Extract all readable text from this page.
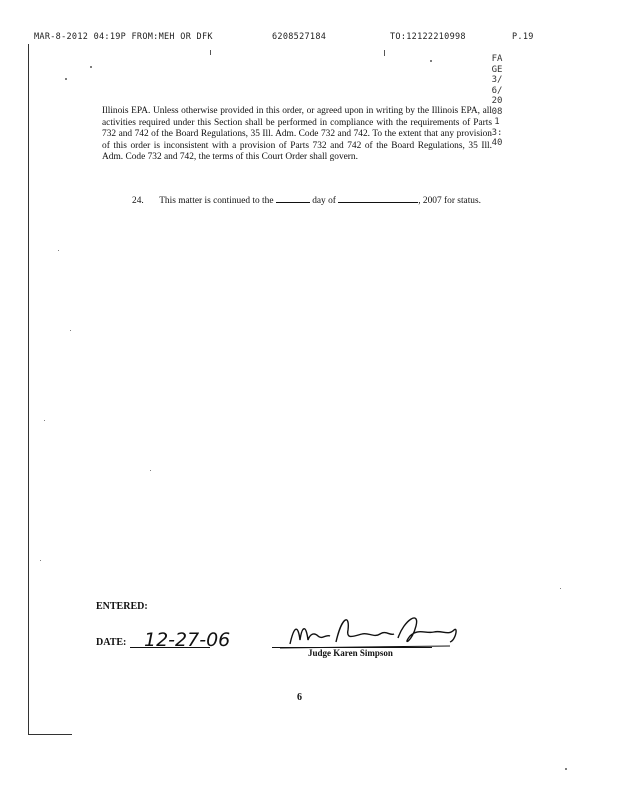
MAR-8-2012 04:19P FROM:MEH OR DFK	6208527184	TO:12122210998	P.19
FAGE3/6/2008 13:40
Illinois EPA. Unless otherwise provided in this order, or agreed upon in writing by the Illinois EPA, all activities required under this Section shall be performed in compliance with the requirements of Parts 732 and 742 of the Board Regulations, 35 Ill. Adm. Code 732 and 742. To the extent that any provision of this order is inconsistent with a provision of Parts 732 and 742 of the Board Regulations, 35 Ill. Adm. Code 732 and 742, the terms of this Court Order shall govern.
24. This matter is continued to the	day of	, 2007 for status.
ENTERED:
DATE: 12-27-06
Judge Karen Simpson
6
